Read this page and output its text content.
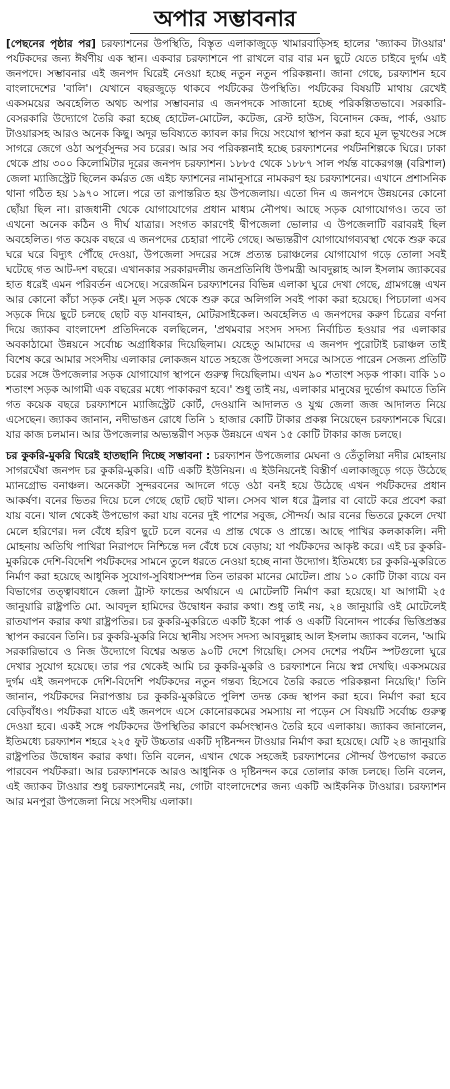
অপার সম্ভাবনার

[পেছনের পৃষ্ঠার পর] চরফ্যাশনের উপস্থিতি, বিস্তৃত এলাকাজুড়ে খামারবাড়িসহ হালের 'জ্যাকব টাওয়ার' পর্যটকদের জন্য ঈর্ষণীয় এক স্থান। একবার চরফ্যাশনে পা রাখলে বার বার মন ছুটে যেতে চাইবে দুর্গম এই জনপদে। সম্ভাবনার এই জনপদ ঘিরেই নেওয়া হচ্ছে নতুন নতুন পরিকল্পনা। জানা গেছে, চরফ্যাশন হবে বাংলাদেশের 'বালি'। যেখানে বছরজুড়ে থাকবে পর্যটকের উপস্থিতি। পর্যটকের বিষয়টি মাথায় রেখেই একসময়ের অবহেলিত অথচ অপার সম্ভাবনার এ জনপদকে সাজানো হচ্ছে পরিকল্পিতভাবে। সরকারি-বেসরকারি উদ্যোগে তৈরি করা হচ্ছে হোটেল-মোটেল, কটেজ, রেস্ট হাউস, বিনোদন কেন্দ্র, পার্ক, ওয়াচ টাওয়ারসহ আরও অনেক কিছু। অদূর ভবিষ্যতে ক্যাবল কার দিয়ে সংযোগ স্থাপন করা হবে মূল ভূখণ্ডের সঙ্গে সাগরে জেগে ওঠা অপূর্বসুন্দর সব চরের। আর সব পরিকল্পনাই হচ্ছে চরফ্যাশনের পর্যটনশিল্পকে ঘিরে। ঢাকা থেকে প্রায় ৩০০ কিলোমিটার দূরের জনপদ চরফ্যাশন। ১৮৮৫ থেকে ১৮৮৭ সাল পর্যন্ত বাকেরগঞ্জ (বরিশাল) জেলা ম্যাজিস্ট্রেট ছিলেন কর্মরত জে এইচ ফ্যাশনের নামানুসারে নামকরণ হয় চরফ্যাশনের। এখানে প্রশাসনিক থানা গঠিত হয় ১৯৭০ সালে। পরে তা রূপান্তরিত হয় উপজেলায়। এতো দিন এ জনপদে উন্নয়নের কোনো ছোঁয়া ছিল না। রাজধানী থেকে যোগাযোগের প্রধান মাধ্যম নৌপথ। আছে সড়ক যোগাযোগও। তবে তা এখনো অনেক কঠিন ও দীর্ঘ যাত্রার। সংগত কারণেই দ্বীপজেলা ভোলার এ উপজেলাটি বরাবরই ছিল অবহেলিত। গত কয়েক বছরে এ জনপদের চেহারা পাল্টে গেছে। অভ্যন্তরীণ যোগাযোগব্যবস্থা থেকে শুরু করে ঘরে ঘরে বিদ্যুৎ পৌঁছে দেওয়া, উপজেলা সদরের সঙ্গে প্রত্যন্ত চরাঞ্চলের যোগাযোগ গড়ে তোলা সবই ঘটেছে গত আট-দশ বছরে। এখানকার সরকারদলীয় জনপ্রতিনিধি উপমন্ত্রী আবদুল্লাহ আল ইসলাম জ্যাকবের হাত ধরেই এমন পরিবর্তন এসেছে। সরেজমিন চরফ্যাশনের বিভিন্ন এলাকা ঘুরে দেখা গেছে, গ্রামগঞ্জে এখন আর কোনো কাঁচা সড়ক নেই। মূল সড়ক থেকে শুরু করে অলিগলি সবই পাকা করা হয়েছে। পিচঢালা এসব সড়কে দিয়ে ছুটে চলছে ছোট বড় যানবাহন, মোটরসাইকেল। অবহেলিত এ জনপদের করুণ চিত্রের বর্ণনা দিয়ে জ্যাকব বাংলাদেশ প্রতিদিনকে বলছিলেন, 'প্রথমবার সংসদ সদস্য নির্বাচিত হওয়ার পর এলাকার অবকাঠামো উন্নয়নে সর্বোচ্চ অগ্রাধিকার দিয়েছিলাম। যেহেতু আমাদের এ জনপদ পুরোটাই চরাঞ্চল তাই বিশেষ করে আমার সংসদীয় এলাকার লোকজন যাতে সহজে উপজেলা সদরে আসতে পারেন সেজন্য প্রতিটি চরের সঙ্গে উপজেলার সড়ক যোগাযোগ স্থাপনে গুরুত্ব দিয়েছিলাম। এখন ৯০ শতাংশ সড়ক পাকা। বাকি ১০ শতাংশ সড়ক আগামী এক বছরের মধ্যে পাকাকরণ হবে।' শুধু তাই নয়, এলাকার মানুষের দুর্ভোগ কমাতে তিনি গত কয়েক বছরে চরফ্যাশনে ম্যাজিস্ট্রেট কোর্ট, দেওয়ানি আদালত ও যুগ্ম জেলা জজ আদালত নিয়ে এসেছেন। জ্যাকব জানান, নদীভাঙন রোধে তিনি ১ হাজার কোটি টাকার প্রকল্প নিয়েছেন চরফ্যাশনকে ঘিরে। যার কাজ চলমান। আর উপজেলার অভ্যন্তরীণ সড়ক উন্নয়নে এখন ১৫ কোটি টাকার কাজ চলছে।

চর কুকরি-মুকরি ঘিরেই হাতছানি দিচ্ছে সম্ভাবনা : চরফ্যাশন উপজেলার মেঘনা ও তেঁতুলিয়া নদীর মোহনায় সাগরঘেঁষা জনপদ চর কুকরি-মুকরি। এটি একটি ইউনিয়ন। এ ইউনিয়নেই বিস্তীর্ণ এলাকাজুড়ে গড়ে উঠেছে ম্যানগ্রোভ বনাঞ্চল। অনেকটা সুন্দরবনের আদলে গড়ে ওঠা বনই হয়ে উঠেছে এখন পর্যটকদের প্রধান আকর্ষণ। বনের ভিতর দিয়ে চলে গেছে ছোট ছোট খাল। সেসব খাল ধরে ট্রলার বা বোটে করে প্রবেশ করা যায় বনে। খাল থেকেই উপভোগ করা যায় বনের দুই পাশের সবুজ, সৌন্দর্য। আর বনের ভিতরে ঢুকলে দেখা মেলে হরিণের। দল বেঁধে হরিণ ছুটে চলে বনের এ প্রান্ত থেকে ও প্রান্তে। আছে পাখির কলকাকলি। নদী মোহনায় অতিথি পাখিরা নিরাপদে নিশ্চিন্তে দল বেঁধে চষে বেড়ায়; যা পর্যটকদের আকৃষ্ট করে। এই চর কুকরি-মুকরিকে দেশি-বিদেশি পর্যটকদের সামনে তুলে ধরতে নেওয়া হচ্ছে নানা উদ্যোগ। ইতিমধ্যে চর কুকরি-মুকরিতে নির্মাণ করা হয়েছে আধুনিক সুযোগ-সুবিধাসম্পন্ন তিন তারকা মানের মোটেল। প্রায় ১০ কোটি টাকা ব্যয়ে বন বিভাগের তত্ত্বাবধানে জেলা ট্রাস্ট ফান্ডের অর্থায়নে এ মোটেলটি নির্মাণ করা হয়েছে। যা আগামী ২৫ জানুয়ারি রাষ্ট্রপতি মো. আবদুল হামিদের উদ্বোধন করার কথা। শুধু তাই নয়, ২৪ জানুয়ারি ওই মোটেলেই রাতযাপন করার কথা রাষ্ট্রপতির। চর কুকরি-মুকরিতে একটি ইকো পার্ক ও একটি বিনোদন পার্কের ভিত্তিপ্রস্তর স্থাপন করবেন তিনি। চর কুকরি-মুকরি নিয়ে স্থানীয় সংসদ সদস্য আবদুল্লাহ আল ইসলাম জ্যাকব বলেন, 'আমি সরকারিভাবে ও নিজ উদ্যোগে বিশ্বের অন্তত ৯০টি দেশে গিয়েছি। সেসব দেশের পর্যটন স্পটগুলো ঘুরে দেখার সুযোগ হয়েছে। তার পর থেকেই আমি চর কুকরি-মুকরি ও চরফ্যাশনে নিয়ে স্বপ্ন দেখছি। একসময়ের দুর্গম এই জনপদকে দেশি-বিদেশি পর্যটকদের নতুন গন্তব্য হিসেবে তৈরি করতে পরিকল্পনা নিয়েছি।' তিনি জানান, পর্যটকদের নিরাপত্তায় চর কুকরি-মুকরিতে পুলিশ তদন্ত কেন্দ্র স্থাপন করা হবে। নির্মাণ করা হবে বেড়িবাঁধও। পর্যটকরা যাতে এই জনপদে এসে কোনোরকমের সমস্যায় না পড়েন সে বিষয়টি সর্বোচ্চ গুরুত্ব দেওয়া হবে। একই সঙ্গে পর্যটকদের উপস্থিতির কারণে কর্মসংস্থানও তৈরি হবে এলাকায়। জ্যাকব জানালেন, ইতিমধ্যে চরফ্যাশন শহরে ২২৫ ফুট উচ্চতার একটি দৃষ্টিনন্দন টাওয়ার নির্মাণ করা হয়েছে। যেটি ২৪ জানুয়ারি রাষ্ট্রপতির উদ্বোধন করার কথা। তিনি বলেন, এখান থেকে সহজেই চরফ্যাশনের সৌন্দর্য উপভোগ করতে পারবেন পর্যটকরা। আর চরফ্যাশনকে আরও আধুনিক ও দৃষ্টিনন্দন করে তোলার কাজ চলছে। তিনি বলেন, এই জ্যাকব টাওয়ার শুধু চরফ্যাশনেরই নয়, গোটা বাংলাদেশের জন্য একটি আইকনিক টাওয়ার। চরফ্যাশন আর মনপুরা উপজেলা নিয়ে সংসদীয় এলাকা।
